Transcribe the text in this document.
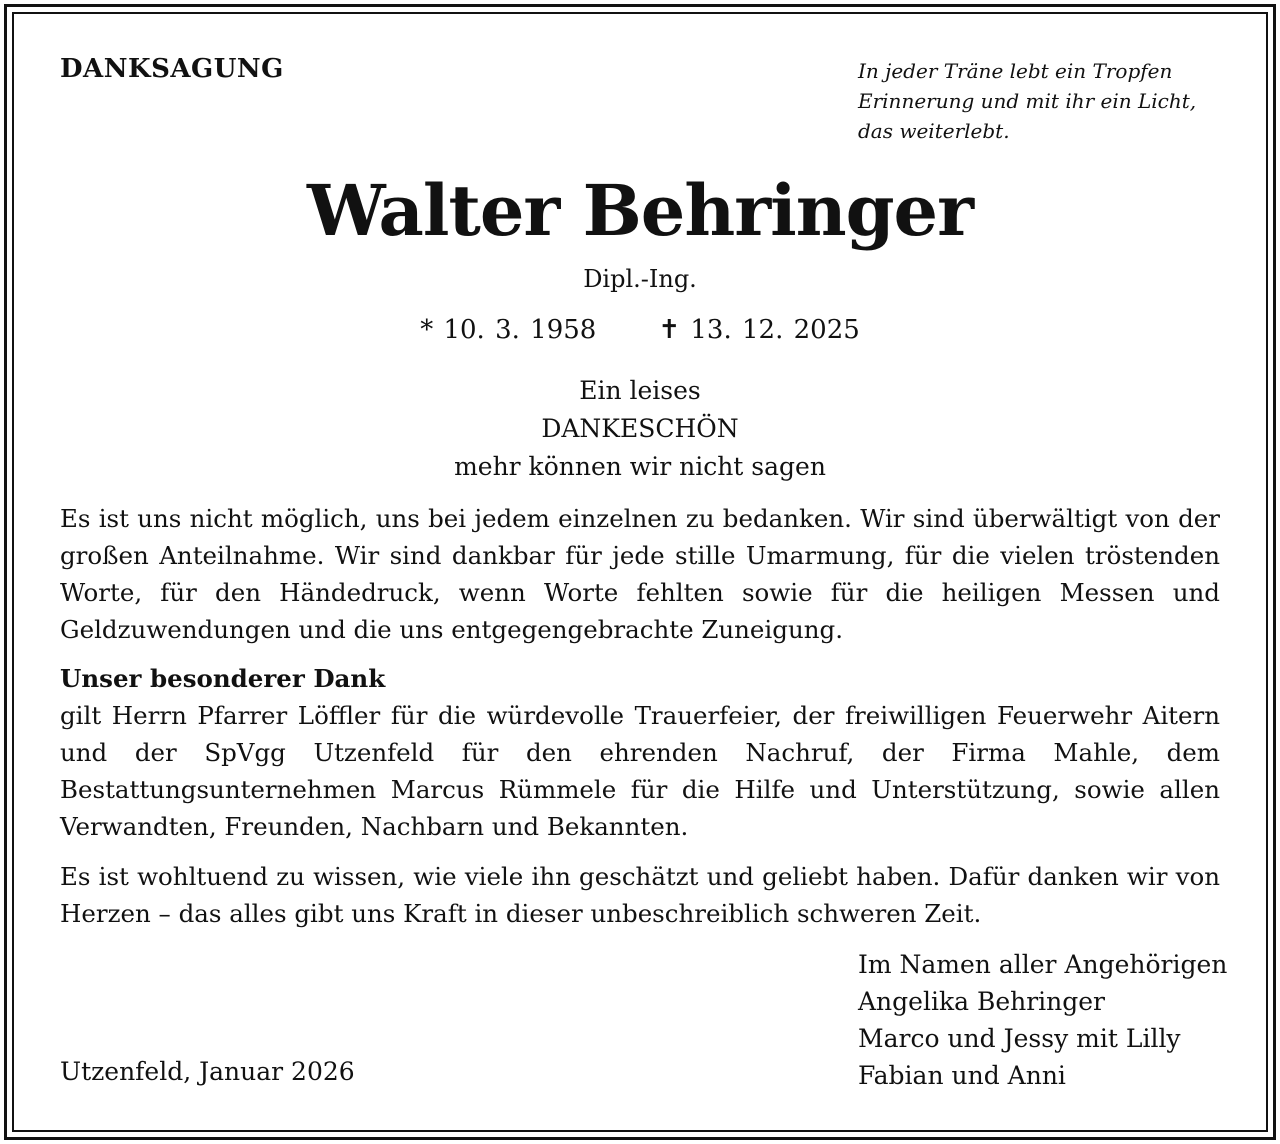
DANKSAGUNG	In jeder Träne lebt ein Tropfen
Erinnerung und mit ihr ein Licht,
das weiterlebt.
Walter Behringer
Dipl.-Ing.
* 10. 3. 1958 ✝ 13. 12. 2025
Ein leises
DANKESCHÖN
mehr können wir nicht sagen

Es ist uns nicht möglich, uns bei jedem einzelnen zu bedanken. Wir sind überwältigt von der großen Anteilnahme. Wir sind dankbar für jede stille Umarmung, für die vielen tröstenden Worte, für den Händedruck, wenn Worte fehlten sowie für die heiligen Messen und Geldzuwendungen und die uns entgegengebrachte Zuneigung.

Unser besonderer Dank
gilt Herrn Pfarrer Löffler für die würdevolle Trauerfeier, der freiwilligen Feuerwehr Aitern und der SpVgg Utzenfeld für den ehrenden Nachruf, der Firma Mahle, dem Bestattungsunternehmen Marcus Rümmele für die Hilfe und Unterstützung, sowie allen Verwandten, Freunden, Nachbarn und Bekannten.

Es ist wohltuend zu wissen, wie viele ihn geschätzt und geliebt haben. Dafür danken wir von Herzen – das alles gibt uns Kraft in dieser unbeschreiblich schweren Zeit.

Im Namen aller Angehörigen
Angelika Behringer
Marco und Jessy mit Lilly
Fabian und Anni
Utzenfeld, Januar 2026
